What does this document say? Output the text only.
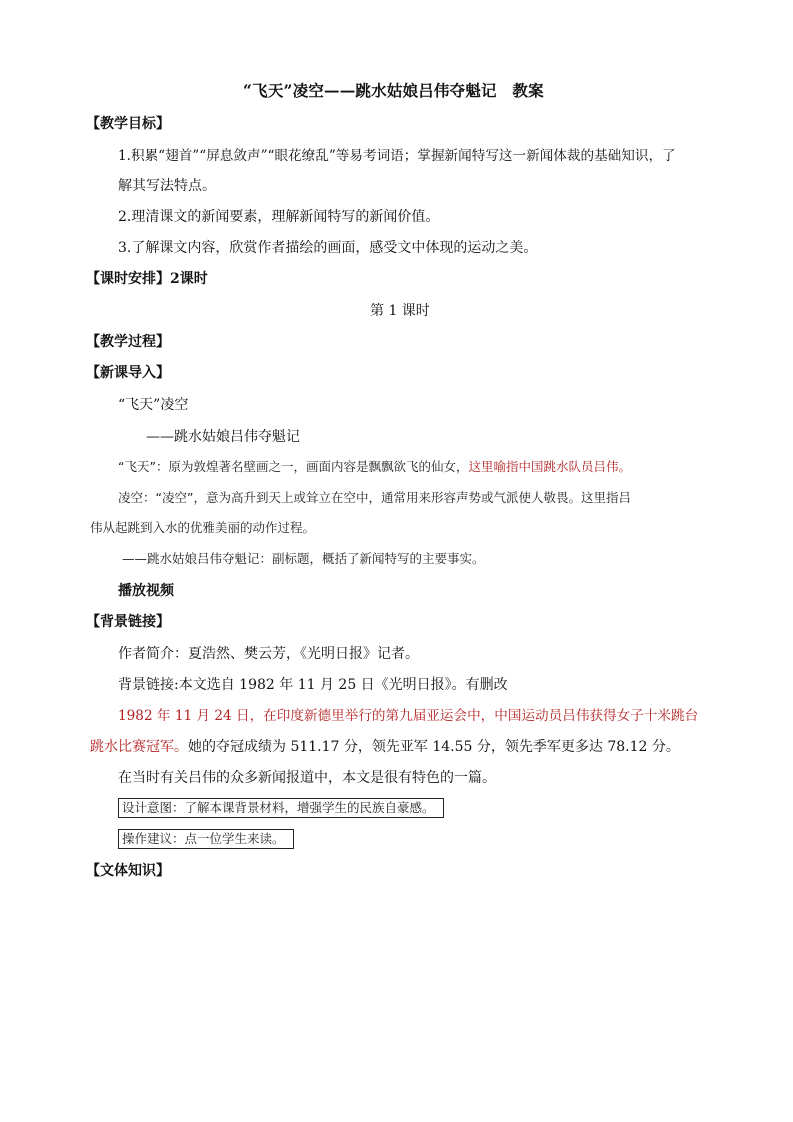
“飞天”凌空——跳水姑娘吕伟夺魁记　教案
【教学目标】
1.积累“翅首”“屏息敛声”“眼花缭乱”等易考词语；掌握新闻特写这一新闻体裁的基础知识，了
解其写法特点。
2.理清课文的新闻要素，理解新闻特写的新闻价值。
3.了解课文内容，欣赏作者描绘的画面，感受文中体现的运动之美。
【课时安排】2课时
第 1 课时
【教学过程】
【新课导入】
“飞天”凌空
——跳水姑娘吕伟夺魁记
“飞天”：原为敦煌著名壁画之一，画面内容是飘飘欲飞的仙女，这里喻指中国跳水队员吕伟。
凌空：“凌空”，意为高升到天上或耸立在空中，通常用来形容声势或气派使人敬畏。这里指吕
伟从起跳到入水的优雅美丽的动作过程。
——跳水姑娘吕伟夺魁记：副标题，概括了新闻特写的主要事实。
播放视频
【背景链接】
作者简介：夏浩然、樊云芳，《光明日报》记者。
背景链接:本文选自 1982 年 11 月 25 日《光明日报》。有删改
1982 年 11 月 24 日，在印度新德里举行的第九届亚运会中，中国运动员吕伟获得女子十米跳台
跳水比赛冠军。她的夺冠成绩为 511.17 分，领先亚军 14.55 分，领先季军更多达 78.12 分。
在当时有关吕伟的众多新闻报道中，本文是很有特色的一篇。
设计意图：了解本课背景材料，增强学生的民族自豪感。
操作建议：点一位学生来读。
【文体知识】
